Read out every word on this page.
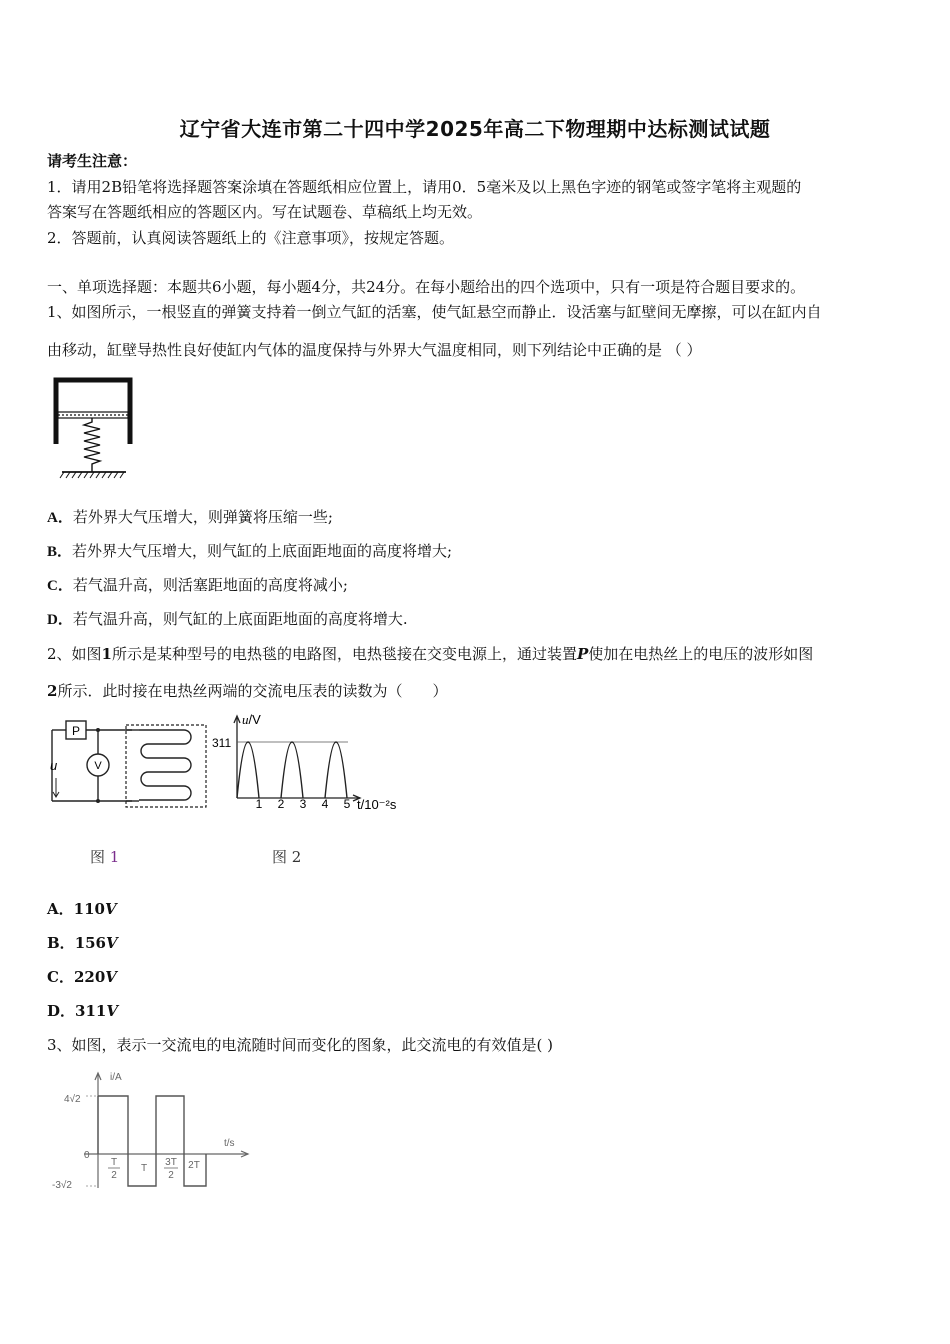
辽宁省大连市第二十四中学2025年高二下物理期中达标测试试题
请考生注意：
1．请用2B铅笔将选择题答案涂填在答题纸相应位置上，请用0．5毫米及以上黑色字迹的钢笔或签字笔将主观题的
答案写在答题纸相应的答题区内。写在试题卷、草稿纸上均无效。
2．答题前，认真阅读答题纸上的《注意事项》，按规定答题。
一、单项选择题：本题共6小题，每小题4分，共24分。在每小题给出的四个选项中，只有一项是符合题目要求的。
1、如图所示，一根竖直的弹簧支持着一倒立气缸的活塞，使气缸悬空而静止．设活塞与缸壁间无摩擦，可以在缸内自
由移动，缸壁导热性良好使缸内气体的温度保持与外界大气温度相同，则下列结论中正确的是 （ ）
A．若外界大气压增大，则弹簧将压缩一些;
B．若外界大气压增大，则气缸的上底面距地面的高度将增大;
C．若气温升高，则活塞距地面的高度将减小;
D．若气温升高，则气缸的上底面距地面的高度将增大.
2、如图1所示是某种型号的电热毯的电路图，电热毯接在交变电源上，通过装置P使加在电热丝上的电压的波形如图
2所示．此时接在电热丝两端的交流电压表的读数为（　　）
P
V
u
u/V
311
1 2 3 4 5 t/10⁻²s
图 1	图 2
A．110V
B．156V
C．220V
D．311V
3、如图，表示一交流电的电流随时间而变化的图象，此交流电的有效值是( )
i/A
t/s
4√2
-3√2
0
T
2
T
3T
2
2T
